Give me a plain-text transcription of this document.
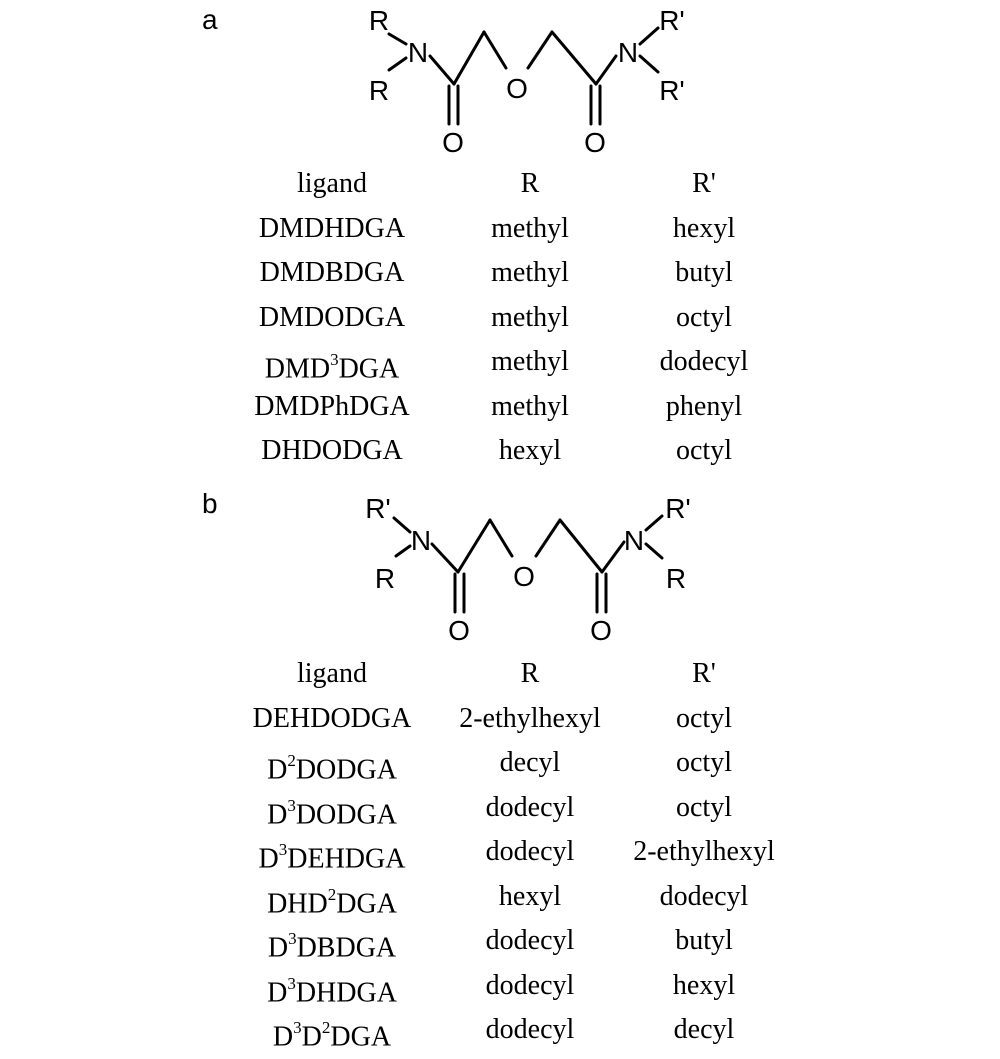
a	R
R
N
O
O	O
N
R'
R'
ligand	R	R'
DMDHDGA	methyl	hexyl
DMDBDGA	methyl	butyl
DMDODGA	methyl	octyl
DMD$^3$DGA	methyl	dodecyl
DMDPhDGA	methyl	phenyl
DHDODGA	hexyl	octyl
b	R'
R
N
O
O	O
N
R'
R
ligand	R	R'
DEHDODGA	2-ethylhexyl	octyl
$D^2DODGA$	decyl	octyl
$D^3DODGA$	dodecyl	octyl
$D^3DEHDGA$	dodecyl	2-ethylhexyl
DHD$^2$DGA	hexyl	dodecyl
$D^3DBDGA$	dodecyl	butyl
$D^3DHDGA$	dodecyl	hexyl
$D^3D^2DGA$	dodecyl	decyl
